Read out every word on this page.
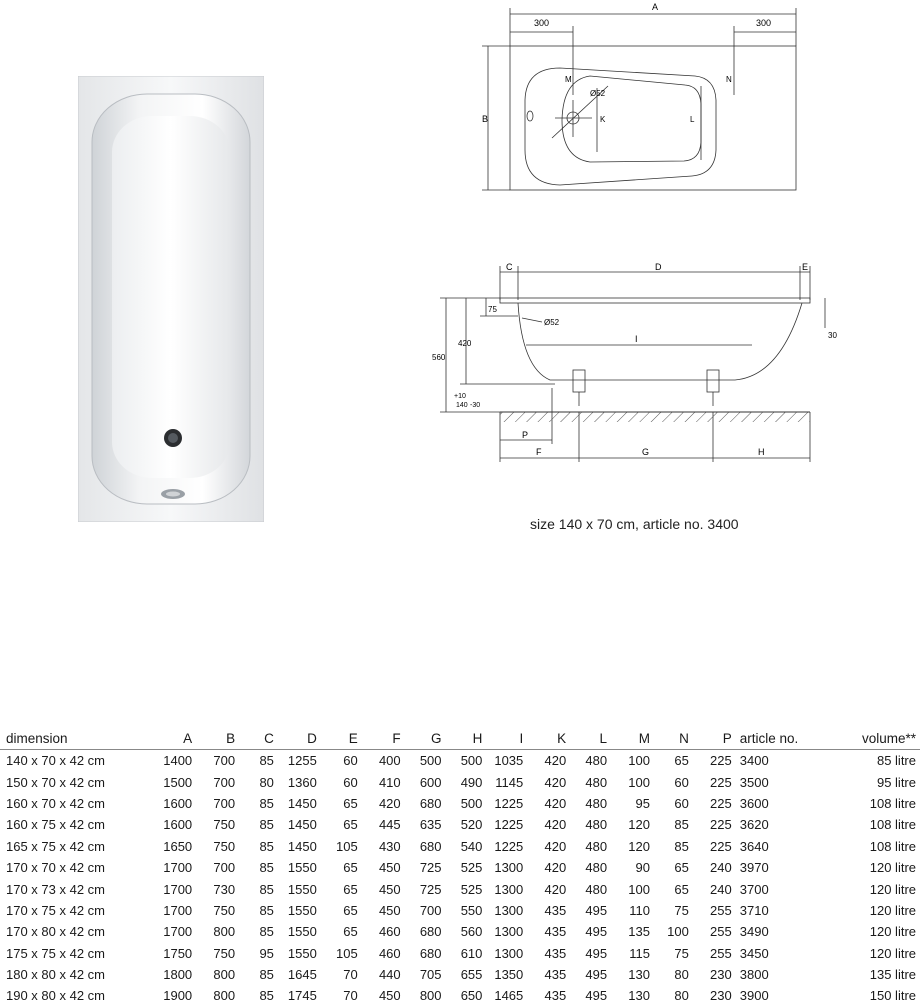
A
300	300
B
M	N
Ø52
K	L
C	D	E
75
420
560
30
Ø52
I
+10
140 -30
P
F	G	H
size 140 x 70 cm, article no. 3400
dimension	A	B	C	D	E	F	G	H	I	K	L	M	N	P	article no.	volume**
140 x 70 x 42 cm	1400	700	85	1255	60	400	500	500	1035	420	480	100	65	225	3400	85 litre
150 x 70 x 42 cm	1500	700	80	1360	60	410	600	490	1145	420	480	100	60	225	3500	95 litre
160 x 70 x 42 cm	1600	700	85	1450	65	420	680	500	1225	420	480	95	60	225	3600	108 litre
160 x 75 x 42 cm	1600	750	85	1450	65	445	635	520	1225	420	480	120	85	225	3620	108 litre
165 x 75 x 42 cm	1650	750	85	1450	105	430	680	540	1225	420	480	120	85	225	3640	108 litre
170 x 70 x 42 cm	1700	700	85	1550	65	450	725	525	1300	420	480	90	65	240	3970	120 litre
170 x 73 x 42 cm	1700	730	85	1550	65	450	725	525	1300	420	480	100	65	240	3700	120 litre
170 x 75 x 42 cm	1700	750	85	1550	65	450	700	550	1300	435	495	110	75	255	3710	120 litre
170 x 80 x 42 cm	1700	800	85	1550	65	460	680	560	1300	435	495	135	100	255	3490	120 litre
175 x 75 x 42 cm	1750	750	95	1550	105	460	680	610	1300	435	495	115	75	255	3450	120 litre
180 x 80 x 42 cm	1800	800	85	1645	70	440	705	655	1350	435	495	130	80	230	3800	135 litre
190 x 80 x 42 cm	1900	800	85	1745	70	450	800	650	1465	435	495	130	80	230	3900	150 litre
